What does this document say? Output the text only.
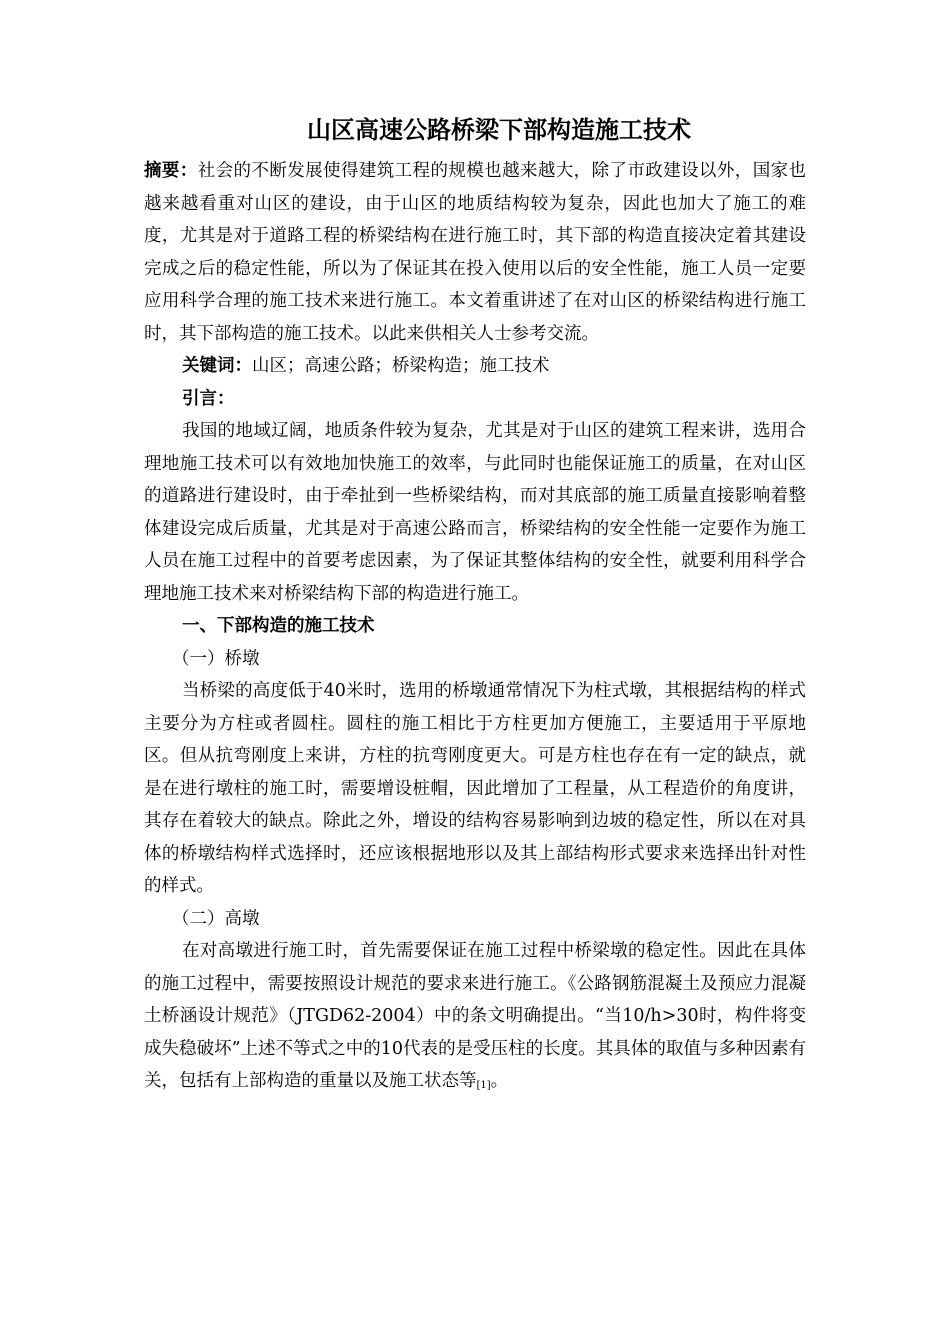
山区高速公路桥梁下部构造施工技术

摘要：社会的不断发展使得建筑工程的规模也越来越大，除了市政建设以外，国家也越来越看重对山区的建设，由于山区的地质结构较为复杂，因此也加大了施工的难度，尤其是对于道路工程的桥梁结构在进行施工时，其下部的构造直接决定着其建设完成之后的稳定性能，所以为了保证其在投入使用以后的安全性能，施工人员一定要应用科学合理的施工技术来进行施工。本文着重讲述了在对山区的桥梁结构进行施工时，其下部构造的施工技术。以此来供相关人士参考交流。

关键词：山区；高速公路；桥梁构造；施工技术

引言：

我国的地域辽阔，地质条件较为复杂，尤其是对于山区的建筑工程来讲，选用合理地施工技术可以有效地加快施工的效率，与此同时也能保证施工的质量，在对山区的道路进行建设时，由于牵扯到一些桥梁结构，而对其底部的施工质量直接影响着整体建设完成后质量，尤其是对于高速公路而言，桥梁结构的安全性能一定要作为施工人员在施工过程中的首要考虑因素，为了保证其整体结构的安全性，就要利用科学合理地施工技术来对桥梁结构下部的构造进行施工。

一、下部构造的施工技术

（一）桥墩

当桥梁的高度低于40米时，选用的桥墩通常情况下为柱式墩，其根据结构的样式主要分为方柱或者圆柱。圆柱的施工相比于方柱更加方便施工，主要适用于平原地区。但从抗弯刚度上来讲，方柱的抗弯刚度更大。可是方柱也存在有一定的缺点，就是在进行墩柱的施工时，需要增设桩帽，因此增加了工程量，从工程造价的角度讲，其存在着较大的缺点。除此之外，增设的结构容易影响到边坡的稳定性，所以在对具体的桥墩结构样式选择时，还应该根据地形以及其上部结构形式要求来选择出针对性的样式。

（二）高墩

在对高墩进行施工时，首先需要保证在施工过程中桥梁墩的稳定性。因此在具体的施工过程中，需要按照设计规范的要求来进行施工。《公路钢筋混凝土及预应力混凝土桥涵设计规范》（JTGD62-2004）中的条文明确提出。“当10/h>30时，构件将变成失稳破坏”上述不等式之中的10代表的是受压柱的长度。其具体的取值与多种因素有关，包括有上部构造的重量以及施工状态等[1]。
